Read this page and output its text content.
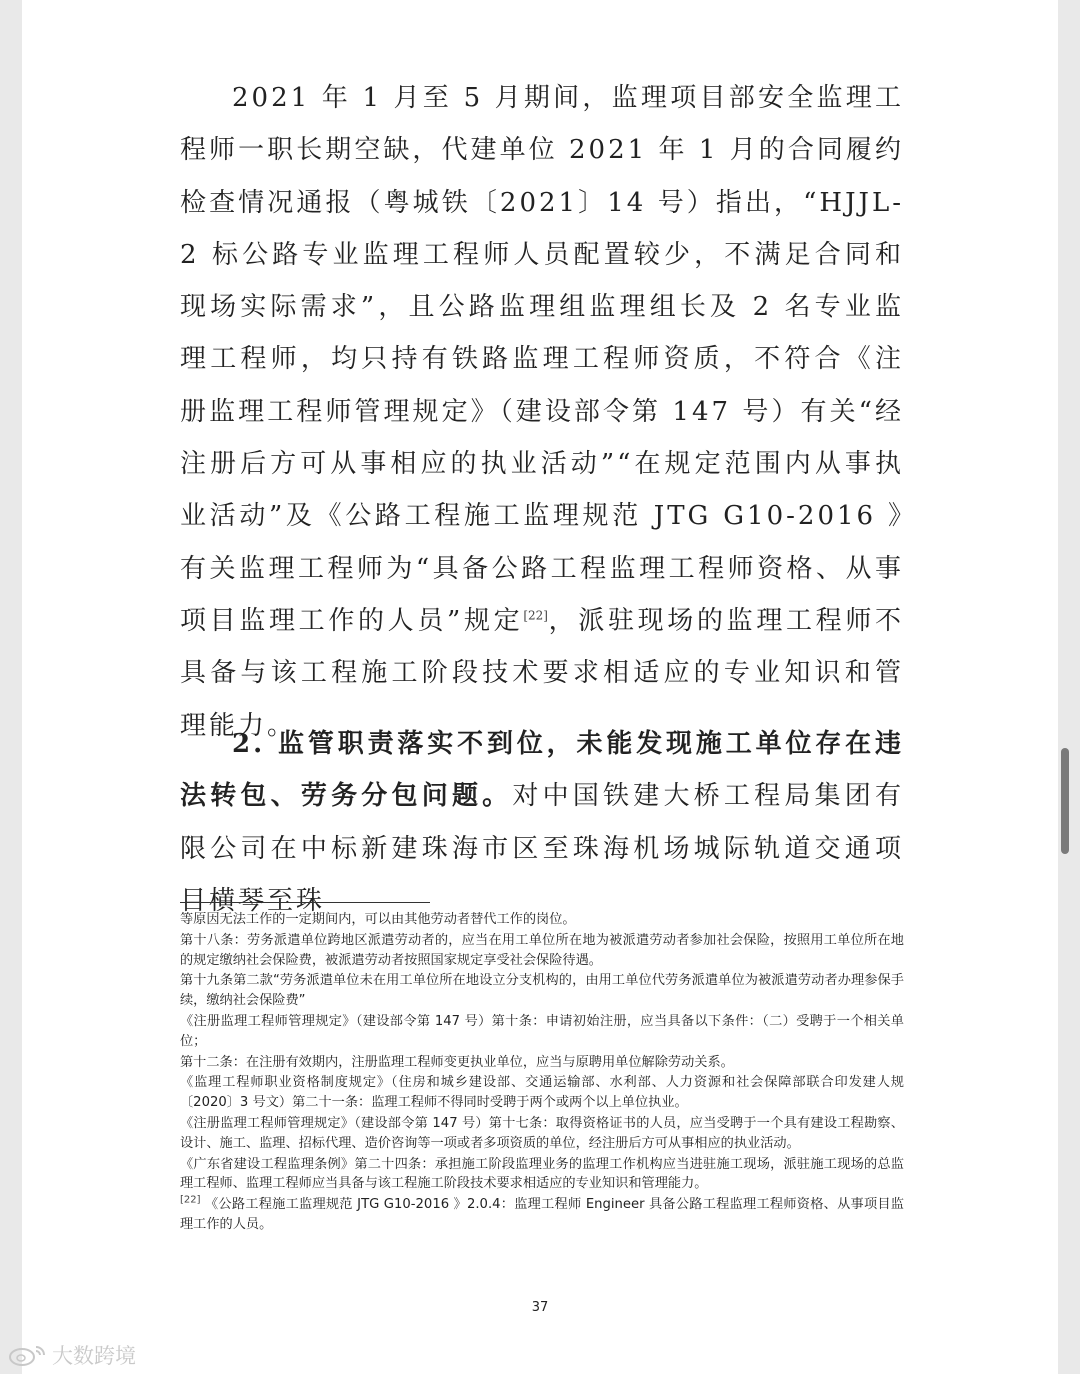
2021 年 1 月至 5 月期间，监理项目部安全监理工程师一职长期空缺，代建单位 2021 年 1 月的合同履约检查情况通报（粤城铁〔2021〕14 号）指出，“HJJL-2 标公路专业监理工程师人员配置较少，不满足合同和现场实际需求”，且公路监理组监理组长及 2 名专业监理工程师，均只持有铁路监理工程师资质，不符合《注册监理工程师管理规定》（建设部令第 147 号）有关“经注册后方可从事相应的执业活动”“在规定范围内从事执业活动”及《公路工程施工监理规范 JTG G10-2016 》有关监理工程师为“具备公路工程监理工程师资格、从事项目监理工作的人员”规定[22]，派驻现场的监理工程师不具备与该工程施工阶段技术要求相适应的专业知识和管理能力。

2. 监管职责落实不到位，未能发现施工单位存在违法转包、劳务分包问题。对中国铁建大桥工程局集团有限公司在中标新建珠海市区至珠海机场城际轨道交通项目横琴至珠

等原因无法工作的一定期间内，可以由其他劳动者替代工作的岗位。

第十八条：劳务派遣单位跨地区派遣劳动者的，应当在用工单位所在地为被派遣劳动者参加社会保险，按照用工单位所在地的规定缴纳社会保险费，被派遣劳动者按照国家规定享受社会保险待遇。

第十九条第二款“劳务派遣单位未在用工单位所在地设立分支机构的，由用工单位代劳务派遣单位为被派遣劳动者办理参保手续，缴纳社会保险费”

《注册监理工程师管理规定》（建设部令第 147 号）第十条：申请初始注册，应当具备以下条件：（二）受聘于一个相关单位；

第十二条：在注册有效期内，注册监理工程师变更执业单位，应当与原聘用单位解除劳动关系。

《监理工程师职业资格制度规定》（住房和城乡建设部、交通运输部、水利部、人力资源和社会保障部联合印发建人规〔2020〕3 号文）第二十一条：监理工程师不得同时受聘于两个或两个以上单位执业。

《注册监理工程师管理规定》（建设部令第 147 号）第十七条：取得资格证书的人员，应当受聘于一个具有建设工程勘察、设计、施工、监理、招标代理、造价咨询等一项或者多项资质的单位，经注册后方可从事相应的执业活动。

《广东省建设工程监理条例》第二十四条：承担施工阶段监理业务的监理工作机构应当进驻施工现场，派驻施工现场的总监理工程师、监理工程师应当具备与该工程施工阶段技术要求相适应的专业知识和管理能力。

[22] 《公路工程施工监理规范 JTG G10-2016 》2.0.4：监理工程师 Engineer 具备公路工程监理工程师资格、从事项目监理工作的人员。

37
大数跨境
